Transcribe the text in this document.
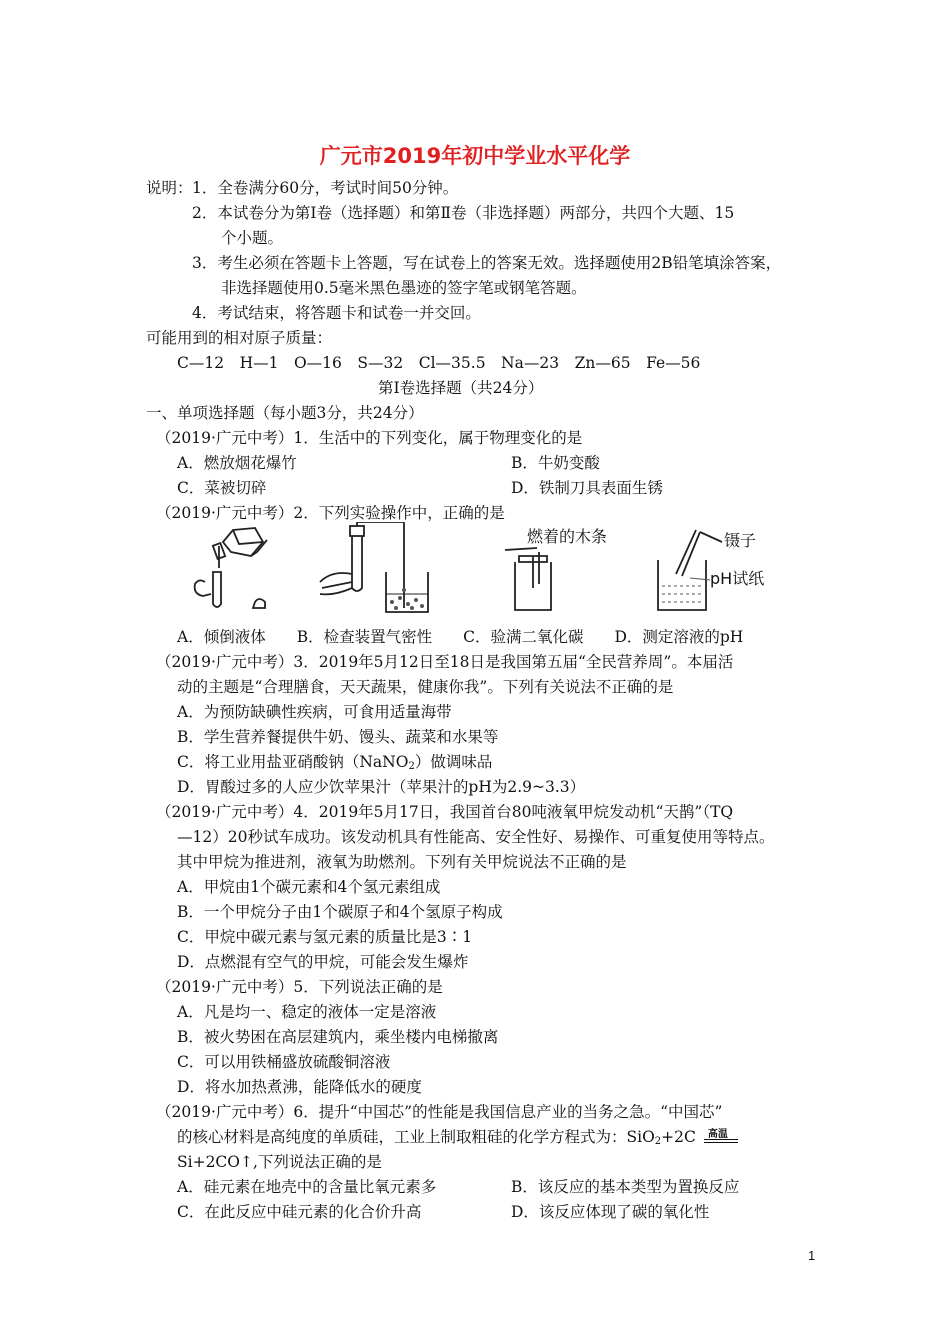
广元市2019年初中学业水平化学
说明： 1．全卷满分60分，考试时间50分钟。
2．本试卷分为第Ⅰ卷（选择题）和第Ⅱ卷（非选择题）两部分，共四个大题、15
个小题。
3．考生必须在答题卡上答题，写在试卷上的答案无效。选择题使用2B铅笔填涂答案，
非选择题使用0.5毫米黑色墨迹的签字笔或钢笔答题。
4．考试结束，将答题卡和试卷一并交回。
可能用到的相对原子质量：
C—12　H—1　O—16　S—32　Cl—35.5　Na—23　Zn—65　Fe—56
第Ⅰ卷选择题（共24分）
一、单项选择题（每小题3分，共24分）
（2019·广元中考）1．生活中的下列变化，属于物理变化的是
A．燃放烟花爆竹	B．牛奶变酸
C．菜被切碎	D．铁制刀具表面生锈
（2019·广元中考）2．下列实验操作中，正确的是
燃着的木条	镊子
pH试纸
A．倾倒液体　　B．检查装置气密性　　C．验满二氧化碳　　D．测定溶液的pH
（2019·广元中考）3．2019年5月12日至18日是我国第五届“全民营养周”。本届活
动的主题是“合理膳食，天天蔬果，健康你我”。下列有关说法不正确的是
A．为预防缺碘性疾病，可食用适量海带
B．学生营养餐提供牛奶、馒头、蔬菜和水果等
C．将工业用盐亚硝酸钠（NaNO$_2$）做调味品
D．胃酸过多的人应少饮苹果汁（苹果汁的pH为2.9~3.3）
（2019·广元中考）4．2019年5月17日，我国首台80吨液氧甲烷发动机“天鹊”（TQ
—12）20秒试车成功。该发动机具有性能高、安全性好、易操作、可重复使用等特点。
其中甲烷为推进剂，液氧为助燃剂。下列有关甲烷说法不正确的是
A．甲烷由1个碳元素和4个氢元素组成
B．一个甲烷分子由1个碳原子和4个氢原子构成
C．甲烷中碳元素与氢元素的质量比是3∶1
D．点燃混有空气的甲烷，可能会发生爆炸
（2019·广元中考）5．下列说法正确的是
A．凡是均一、稳定的液体一定是溶液
B．被火势困在高层建筑内，乘坐楼内电梯撤离
C．可以用铁桶盛放硫酸铜溶液
D．将水加热煮沸，能降低水的硬度
（2019·广元中考）6．提升“中国芯”的性能是我国信息产业的当务之急。“中国芯”
的核心材料是高纯度的单质硅，工业上制取粗硅的化学方程式为：SiO$_2$+2C 高温
Si+2CO↑,下列说法正确的是
A．硅元素在地壳中的含量比氧元素多	B．该反应的基本类型为置换反应
C．在此反应中硅元素的化合价升高	D．该反应体现了碳的氧化性
1
